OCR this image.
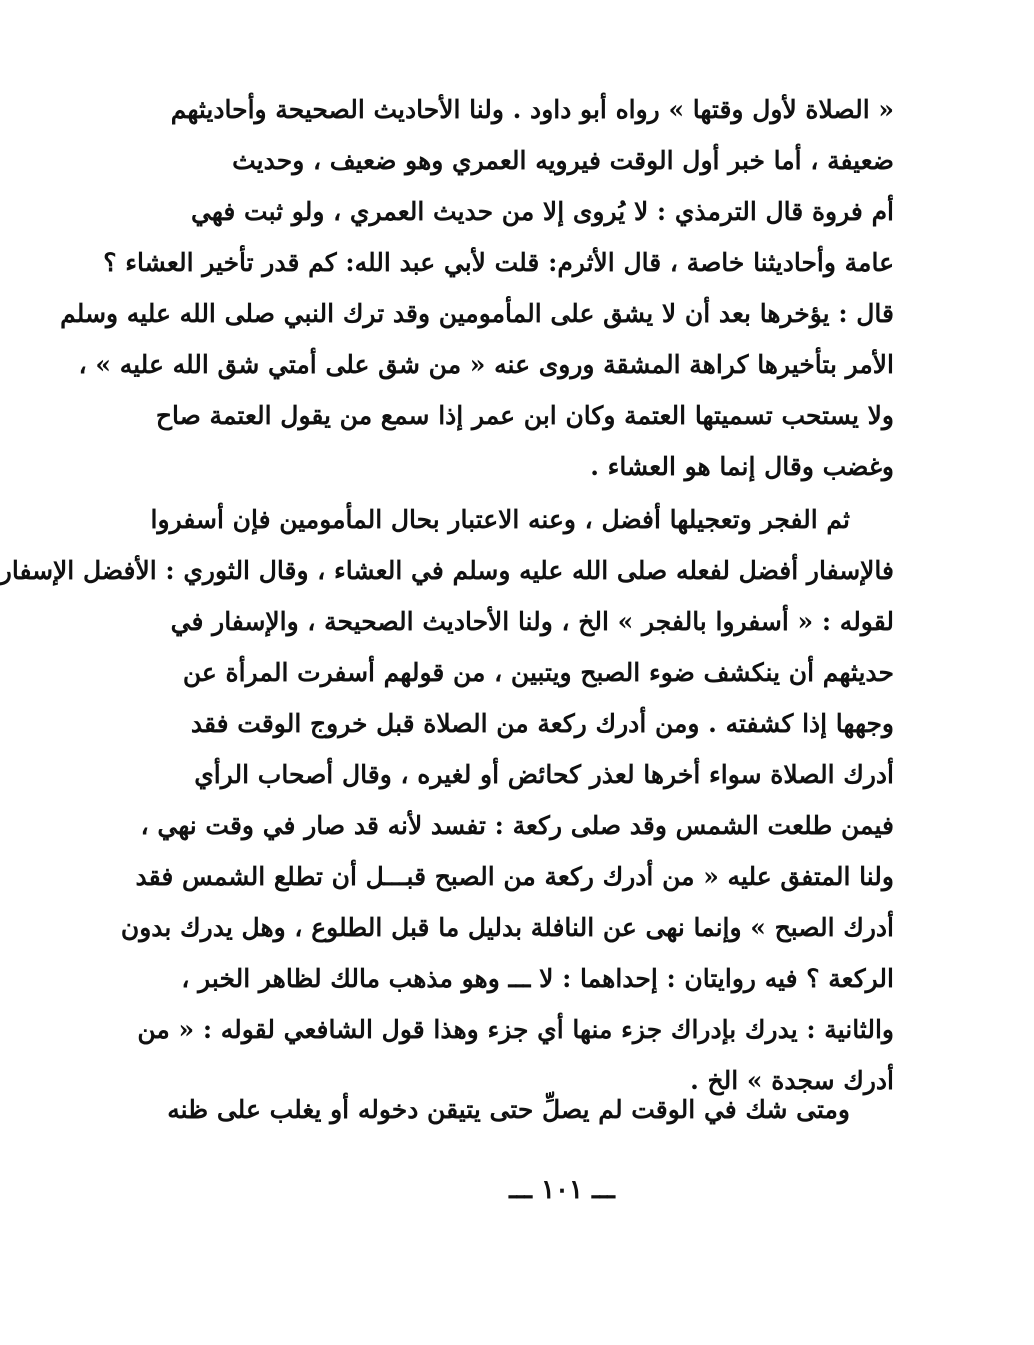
« الصلاة لأول وقتها » رواه أبو داود . ولنا الأحاديث الصحيحة وأحاديثهم
ضعيفة ، أما خبر أول الوقت فيرويه العمري وهو ضعيف ، وحديث
أم فروة قال الترمذي : لا يُروى إلا من حديث العمري ، ولو ثبت فهي
عامة وأحاديثنا خاصة ، قال الأثرم: قلت لأبي عبد الله: كم قدر تأخير العشاء ؟
قال : يؤخرها بعد أن لا يشق على المأمومين وقد ترك النبي صلى الله عليه وسلم
الأمر بتأخيرها كراهة المشقة وروى عنه « من شق على أمتي شق الله عليه » ،
ولا يستحب تسميتها العتمة وكان ابن عمر إذا سمع من يقول العتمة صاح
وغضب وقال إنما هو العشاء .
ثم الفجر وتعجيلها أفضل ، وعنه الاعتبار بحال المأمومين فإن أسفروا
فالإسفار أفضل لفعله صلى الله عليه وسلم في العشاء ، وقال الثوري : الأفضل الإسفار
لقوله : « أسفروا بالفجر » الخ ، ولنا الأحاديث الصحيحة ، والإسفار في
حديثهم أن ينكشف ضوء الصبح ويتبين ، من قولهم أسفرت المرأة عن
وجهها إذا كشفته . ومن أدرك ركعة من الصلاة قبل خروج الوقت فقد
أدرك الصلاة سواء أخرها لعذر كحائض أو لغيره ، وقال أصحاب الرأي
فيمن طلعت الشمس وقد صلى ركعة : تفسد لأنه قد صار في وقت نهي ،
ولنا المتفق عليه « من أدرك ركعة من الصبح قبـــل أن تطلع الشمس فقد
أدرك الصبح » وإنما نهى عن النافلة بدليل ما قبل الطلوع ، وهل يدرك بدون
الركعة ؟ فيه روايتان : إحداهما : لا ـــ وهو مذهب مالك لظاهر الخبر ،
والثانية : يدرك بإدراك جزء منها أي جزء وهذا قول الشافعي لقوله : « من
أدرك سجدة » الخ .
ومتى شك في الوقت لم يصلِّ حتى يتيقن دخوله أو يغلب على ظنه
ـــ ١٠١ ـــ
